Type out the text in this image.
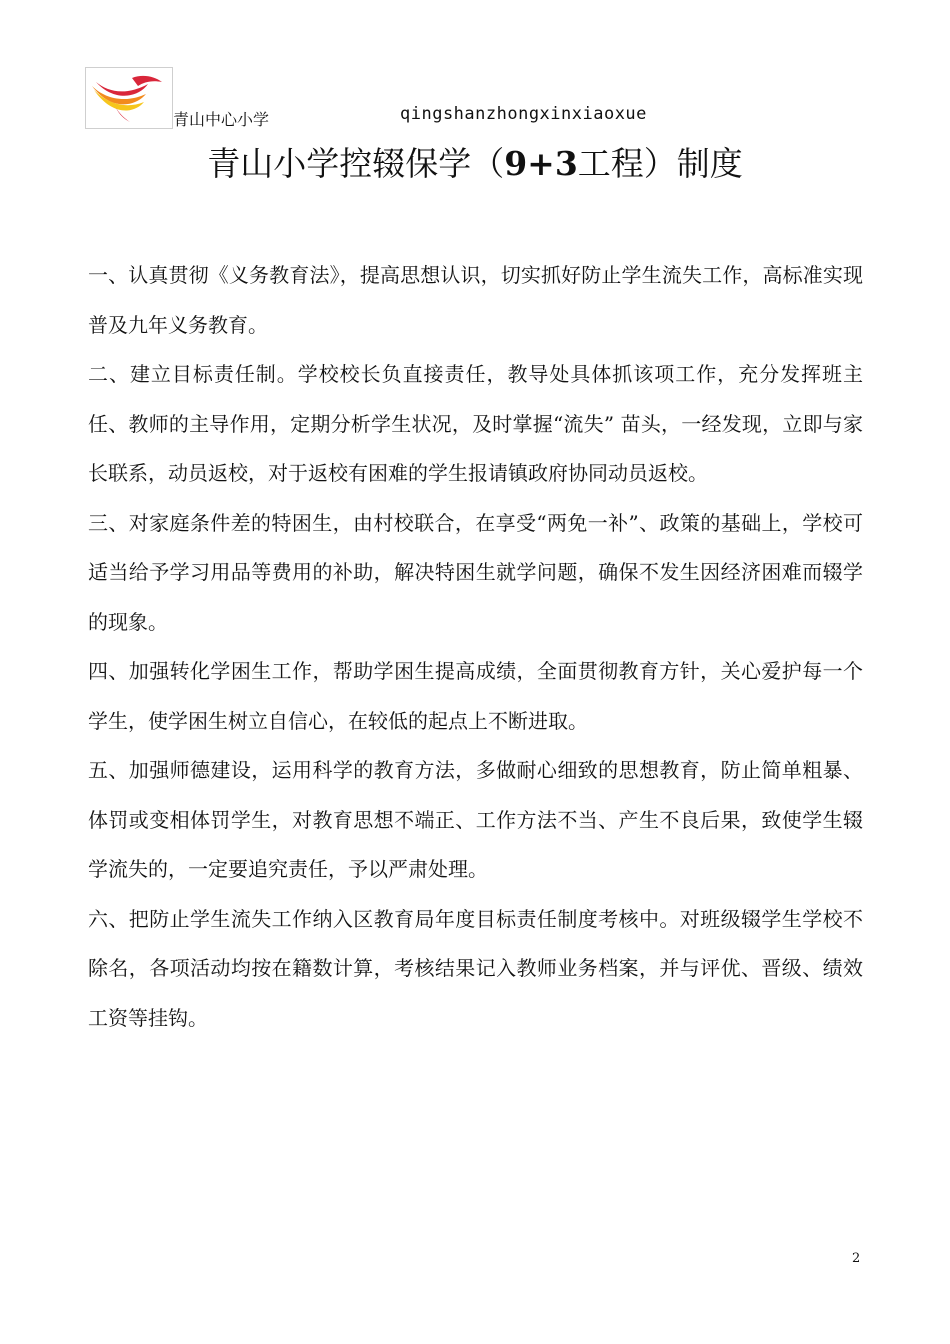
青山中心小学	qingshanzhongxinxiaoxue
青山小学控辍保学（9+3工程）制度

一、认真贯彻《义务教育法》，提高思想认识，切实抓好防止学生流失工作，高标准实现普及九年义务教育。

二、建立目标责任制。学校校长负直接责任，教导处具体抓该项工作，充分发挥班主任、教师的主导作用，定期分析学生状况，及时掌握“流失” 苗头，一经发现，立即与家长联系，动员返校，对于返校有困难的学生报请镇政府协同动员返校。

三、对家庭条件差的特困生，由村校联合，在享受“两免一补”、政策的基础上，学校可适当给予学习用品等费用的补助，解决特困生就学问题，确保不发生因经济困难而辍学的现象。

四、加强转化学困生工作，帮助学困生提高成绩，全面贯彻教育方针，关心爱护每一个学生，使学困生树立自信心，在较低的起点上不断进取。

五、加强师德建设，运用科学的教育方法，多做耐心细致的思想教育，防止简单粗暴、体罚或变相体罚学生，对教育思想不端正、工作方法不当、产生不良后果，致使学生辍学流失的，一定要追究责任，予以严肃处理。

六、把防止学生流失工作纳入区教育局年度目标责任制度考核中。对班级辍学生学校不除名，各项活动均按在籍数计算，考核结果记入教师业务档案，并与评优、晋级、绩效工资等挂钩。

2
